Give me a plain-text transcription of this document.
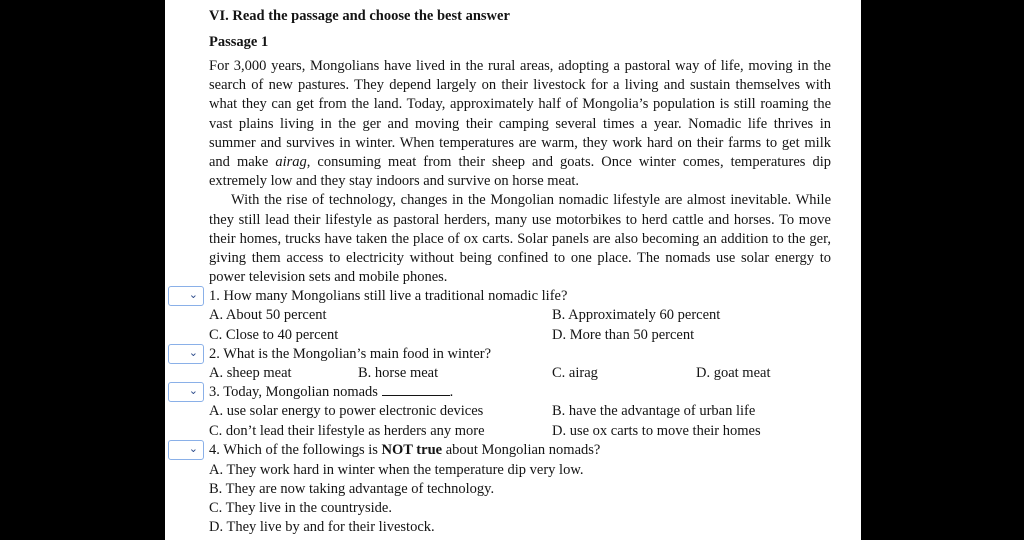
VI. Read the passage and choose the best answer
Passage 1

For 3,000 years, Mongolians have lived in the rural areas, adopting a pastoral way of life, moving in the search of new pastures. They depend largely on their livestock for a living and sustain themselves with what they can get from the land. Today, approximately half of Mongolia’s population is still roaming the vast plains living in the ger and moving their camping several times a year. Nomadic life thrives in summer and survives in winter. When temperatures are warm, they work hard on their farms to get milk and make airag, consuming meat from their sheep and goats. Once winter comes, temperatures dip extremely low and they stay indoors and survive on horse meat.

With the rise of technology, changes in the Mongolian nomadic lifestyle are almost inevitable. While they still lead their lifestyle as pastoral herders, many use motorbikes to herd cattle and horses. To move their homes, trucks have taken the place of ox carts. Solar panels are also becoming an addition to the ger, giving them access to electricity without being confined to one place. The nomads use solar energy to power television sets and mobile phones.

1. How many Mongolians still live a traditional nomadic life?
A. About 50 percent	B. Approximately 60 percent
C. Close to 40 percent	D. More than 50 percent
2. What is the Mongolian’s main food in winter?
A. sheep meat	B. horse meat	C. airag	D. goat meat
3. Today, Mongolian nomads	.
A. use solar energy to power electronic devices	B. have the advantage of urban life
C. don’t lead their lifestyle as herders any more	D. use ox carts to move their homes
4. Which of the followings is NOT true about Mongolian nomads?
A. They work hard in winter when the temperature dip very low.
B. They are now taking advantage of technology.
C. They live in the countryside.
D. They live by and for their livestock.
⌄
⌄
⌄
⌄
